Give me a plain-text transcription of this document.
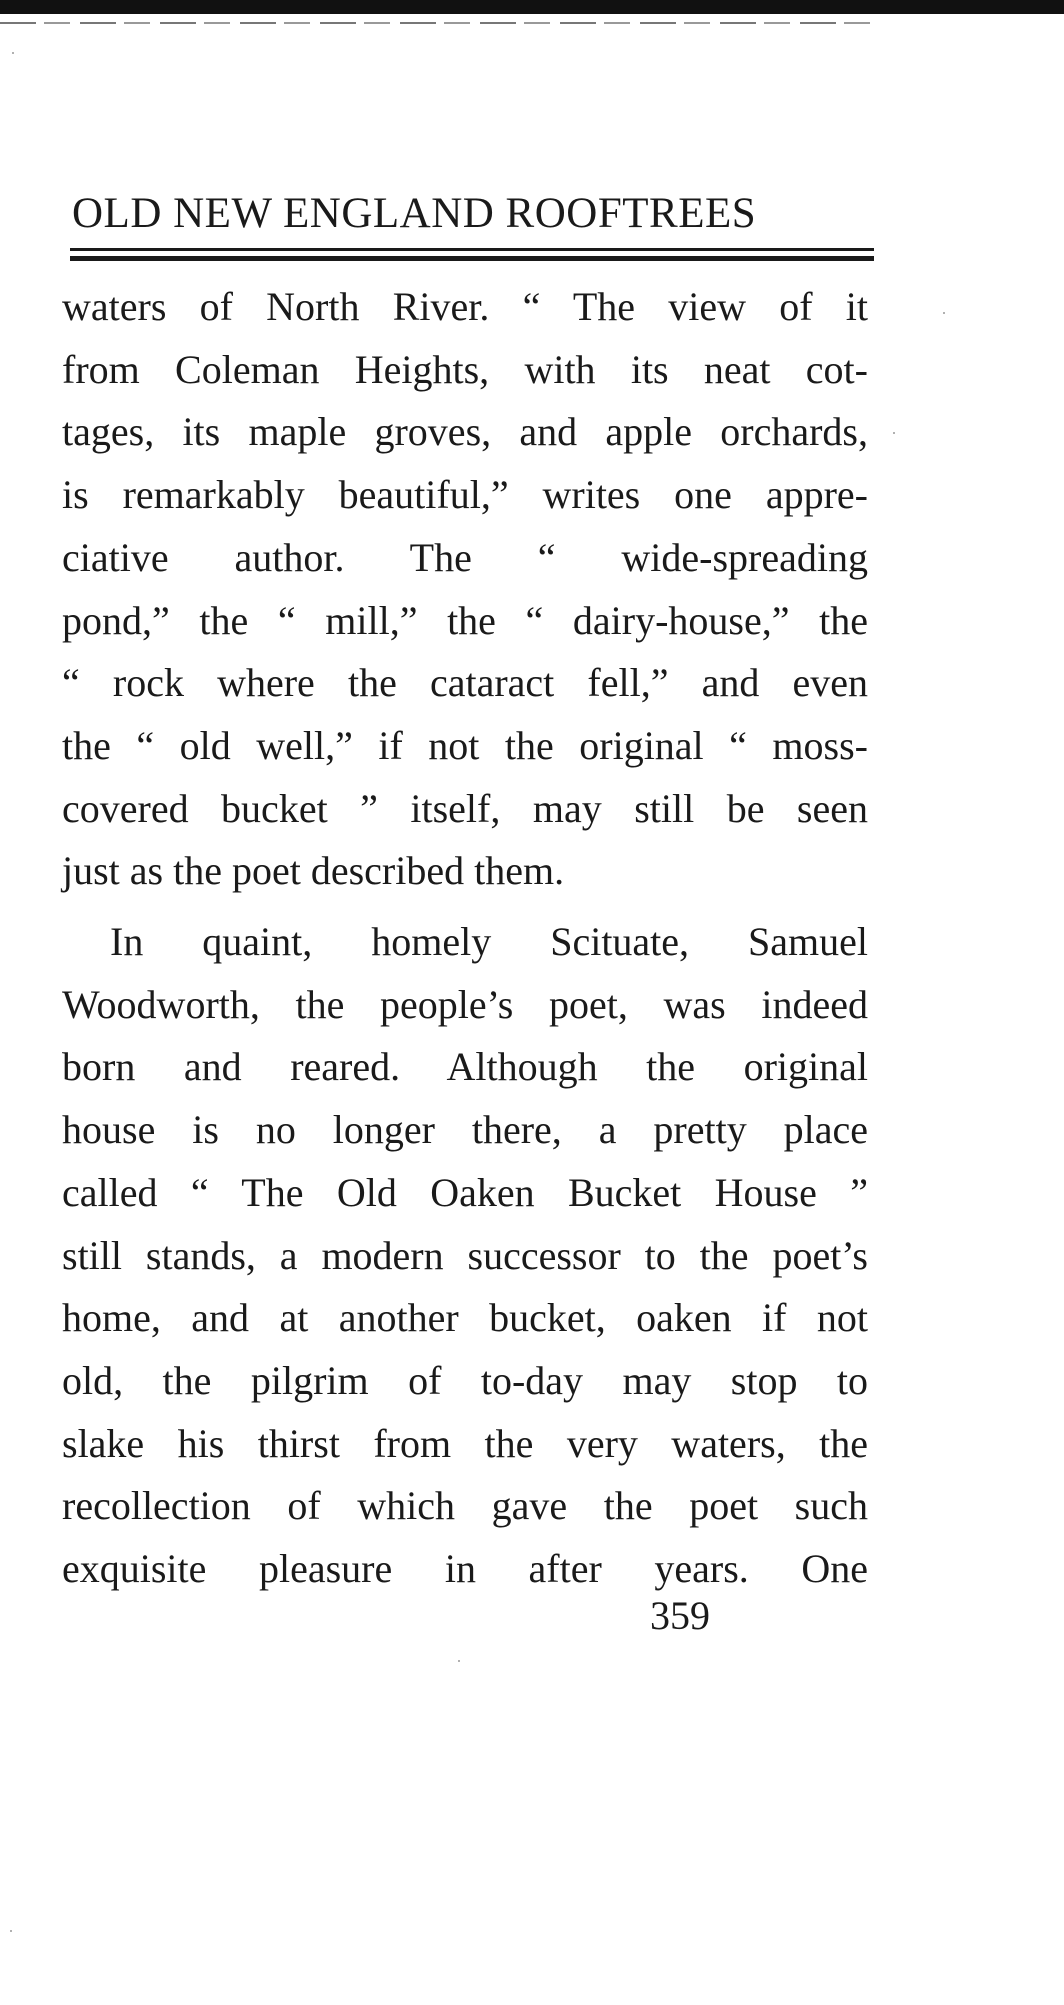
OLD NEW ENGLAND ROOFTREES
waters of North River. “ The view of it
from Coleman Heights, with its neat cot-
tages, its maple groves, and apple orchards,
is remarkably beautiful,” writes one appre-
ciative author. The “ wide-spreading
pond,” the “ mill,” the “ dairy-house,” the
“ rock where the cataract fell,” and even
the “ old well,” if not the original “ moss-
covered bucket ” itself, may still be seen
just as the poet described them.
In quaint, homely Scituate, Samuel
Woodworth, the people’s poet, was indeed
born and reared. Although the original
house is no longer there, a pretty place
called “ The Old Oaken Bucket House ”
still stands, a modern successor to the poet’s
home, and at another bucket, oaken if not
old, the pilgrim of to-day may stop to
slake his thirst from the very waters, the
recollection of which gave the poet such
exquisite pleasure in after years. One
359
